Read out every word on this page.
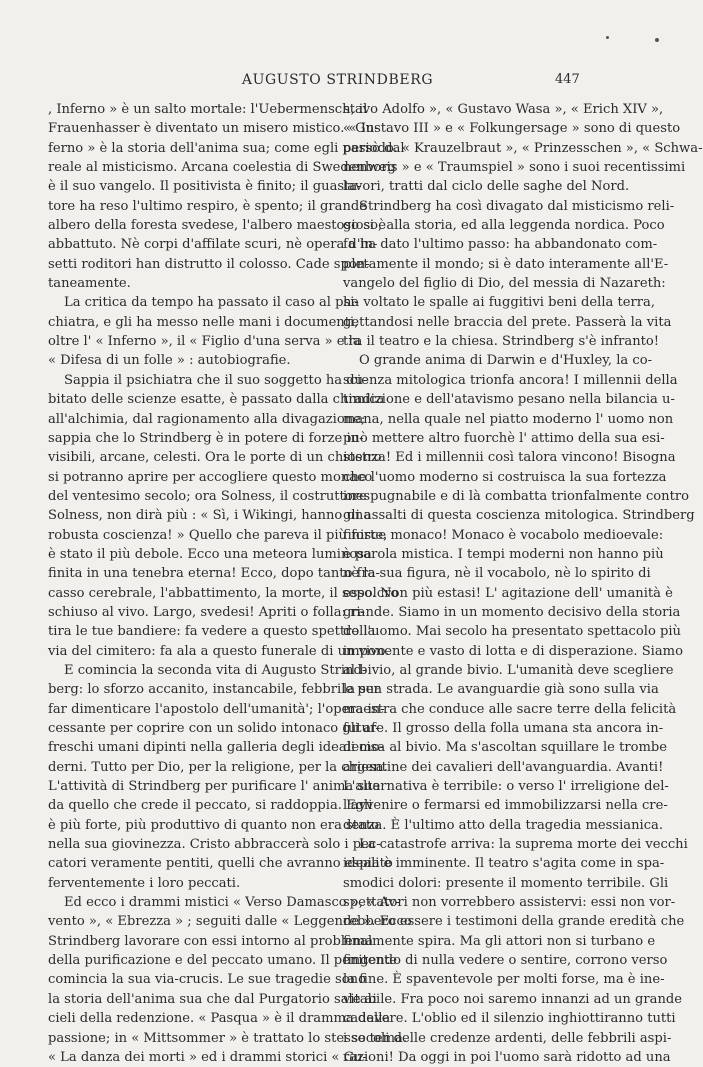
AUGUSTO STRINDBERG	447
, Inferno » è un salto mortale: l'Uebermensch, il
Frauenhasser è diventato un misero mistico. « In-
ferno » è la storia dell'anima sua; come egli passò dal
reale al misticismo. Arcana coelestia di Swedenborg
è il suo vangelo. Il positivista è finito; il guasta-
tore ha reso l'ultimo respiro, è spento; il grande
albero della foresta svedese, l'albero maestoso si è
abbattuto. Nè corpi d'affilate scuri, nè opera d'in-
setti roditori han distrutto il colosso. Cade spon-
taneamente.
La critica da tempo ha passato il caso al psi-
chiatra, e gli ha messo nelle mani i documenti,
oltre l' « Inferno », il « Figlio d'una serva » e la
« Difesa di un folle » : autobiografie.
Sappia il psichiatra che il suo soggetto ha du-
bitato delle scienze esatte, è passato dalla chimica
all'alchimia, dal ragionamento alla divagazione;
sappia che lo Strindberg è in potere di forze in-
visibili, arcane, celesti. Ora le porte di un chiostro
si potranno aprire per accogliere questo monaco
del ventesimo secolo; ora Solness, il costruttore
Solness, non dirà più : « Sì, i Wikingi, hanno una
robusta coscienza! » Quello che pareva il più forte,
è stato il più debole. Ecco una meteora luminosa
finita in una tenebra eterna! Ecco, dopo tanto fra-
casso cerebrale, l'abbattimento, la morte, il sepolcro
schiuso al vivo. Largo, svedesi! Apriti o folla: ri-
tira le tue bandiere: fa vedere a questo spettro la
via del cimitero: fa ala a questo funerale di un vivo.
E comincia la seconda vita di Augusto Strind-
berg: lo sforzo accanito, instancabile, febbrile per
far dimenticare l'apostolo dell'umanità'; l'opera in-
cessante per coprire con un solido intonaco gli af-
freschi umani dipinti nella galleria degli ideali mo-
derni. Tutto per Dio, per la religione, per la chiesa.
L'attività di Strindberg per purificare l' anima sua
da quello che crede il peccato, si raddoppia. Egli
è più forte, più produttivo di quanto non era stato
nella sua giovinezza. Cristo abbraccerà solo i pec-
catori veramente pentiti, quelli che avranno espiato
ferventemente i loro peccati.
Ed ecco i drammi mistici « Verso Damasco », « Av-
vento », « Ebrezza » ; seguiti dalle « Leggende ». Ecco
Strindberg lavorare con essi intorno al problema
della purificazione e del peccato umano. Il penitente
comincia la sua via-crucis. Le sue tragedie sono
la storia dell'anima sua che dal Purgatorio sale ai
cieli della redenzione. « Pasqua » è il dramma della
passione; in « Mittsommer » è trattato lo stesso tema.
« La danza dei morti » ed i drammi storici « Gu-
stavo Adolfo », « Gustavo Wasa », « Erich XIV »,
« Gustavo III » e « Folkungersage » sono di questo
periodo. « Krauzelbraut », « Prinzesschen », « Schwa-
nenweis » e « Traumspiel » sono i suoi recentissimi
lavori, tratti dal ciclo delle saghe del Nord.
Strindberg ha così divagato dal misticismo reli-
gioso, alla storia, ed alla leggenda nordica. Poco
fa ha dato l'ultimo passo: ha abbandonato com-
pletamente il mondo; si è dato interamente all'E-
vangelo del figlio di Dio, del messia di Nazareth:
ha voltato le spalle ai fuggitivi beni della terra,
gettandosi nelle braccia del prete. Passerà la vita
tra il teatro e la chiesa. Strindberg s'è infranto!
O grande anima di Darwin e d'Huxley, la co-
scienza mitologica trionfa ancora! I millennii della
tradizione e dell'atavismo pesano nella bilancia u-
mana, nella quale nel piatto moderno l' uomo non
può mettere altro fuorchè l' attimo della sua esi-
stenza! Ed i millennii così talora vincono! Bisogna
che l'uomo moderno si costruisca la sua fortezza
inespugnabile e di là combatta trionfalmente contro
gli assalti di questa coscienza mitologica. Strindberg
finisce monaco! Monaco è vocabolo medioevale:
è parola mistica. I tempi moderni non hanno più
nè la sua figura, nè il vocabolo, nè lo spirito di
esso. Non più estasi! L' agitazione dell' umanità è
grande. Siamo in un momento decisivo della storia
dell'uomo. Mai secolo ha presentato spettacolo più
imponente e vasto di lotta e di disperazione. Siamo
al bivio, al grande bivio. L'umanità deve scegliere
la sua strada. Le avanguardie già sono sulla via
maestra che conduce alle sacre terre della felicità
future. Il grosso della folla umana sta ancora in-
decisa al bivio. Ma s'ascoltan squillare le trombe
argentine dei cavalieri dell'avanguardia. Avanti!
L'alternativa è terribile: o verso l' irreligione del-
l'avvenire o fermarsi ed immobilizzarsi nella cre-
denza. È l'ultimo atto della tragedia messianica.
La catastrofe arriva: la suprema morte dei vecchi
ideali è imminente. Il teatro s'agita come in spa-
smodici dolori: presente il momento terribile. Gli
spettatori non vorrebbero assistervi: essi non vor-
rebbero essere i testimoni della grande eredità che
finalmente spira. Ma gli attori non si turbano e
fingendo di nulla vedere o sentire, corrono verso
la fine. È spaventevole per molti forse, ma è ine-
vitabile. Fra poco noi saremo innanzi ad un grande
cadavere. L'oblio ed il silenzio inghiottiranno tutti
i secoli delle credenze ardenti, delle febbrili aspi-
razioni! Da oggi in poi l'uomo sarà ridotto ad una
